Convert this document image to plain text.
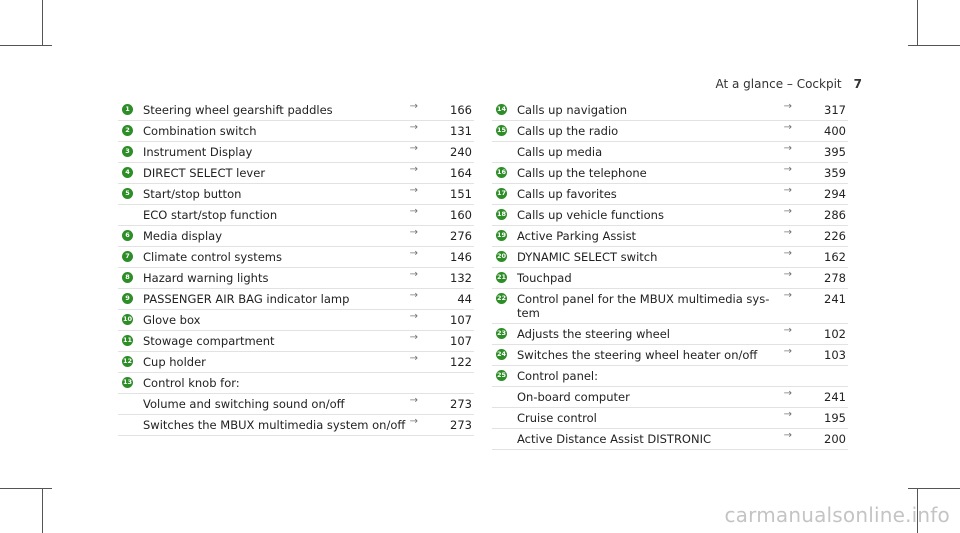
At a glance – Cockpit 7
1 Steering wheel gearshift paddles	→	166
2 Combination switch	→	131
3 Instrument Display	→	240
4 DIRECT SELECT lever	→	164
5 Start/stop button	→	151
ECO start/stop function	→	160
6 Media display	→	276
7 Climate control systems	→	146
8 Hazard warning lights	→	132
9 PASSENGER AIR BAG indicator lamp	→	44
10 Glove box	→	107
11 Stowage compartment	→	107
12 Cup holder	→	122
13 Control knob for:
Volume and switching sound on/off	→	273
Switches the MBUX multimedia system on/off →	273
14 Calls up navigation	→	317
15 Calls up the radio	→	400
Calls up media	→	395
16 Calls up the telephone	→	359
17 Calls up favorites	→	294
18 Calls up vehicle functions	→	286
19 Active Parking Assist	→	226
20 DYNAMIC SELECT switch	→	162
21 Touchpad	→	278
22 Control panel for the MBUX multimedia sys-tem
→	241
23 Adjusts the steering wheel	→	102
24 Switches the steering wheel heater on/off	→	103
25 Control panel:
On-board computer	→	241
Cruise control	→	195
Active Distance Assist DISTRONIC	→	200
carmanualsonline.info
